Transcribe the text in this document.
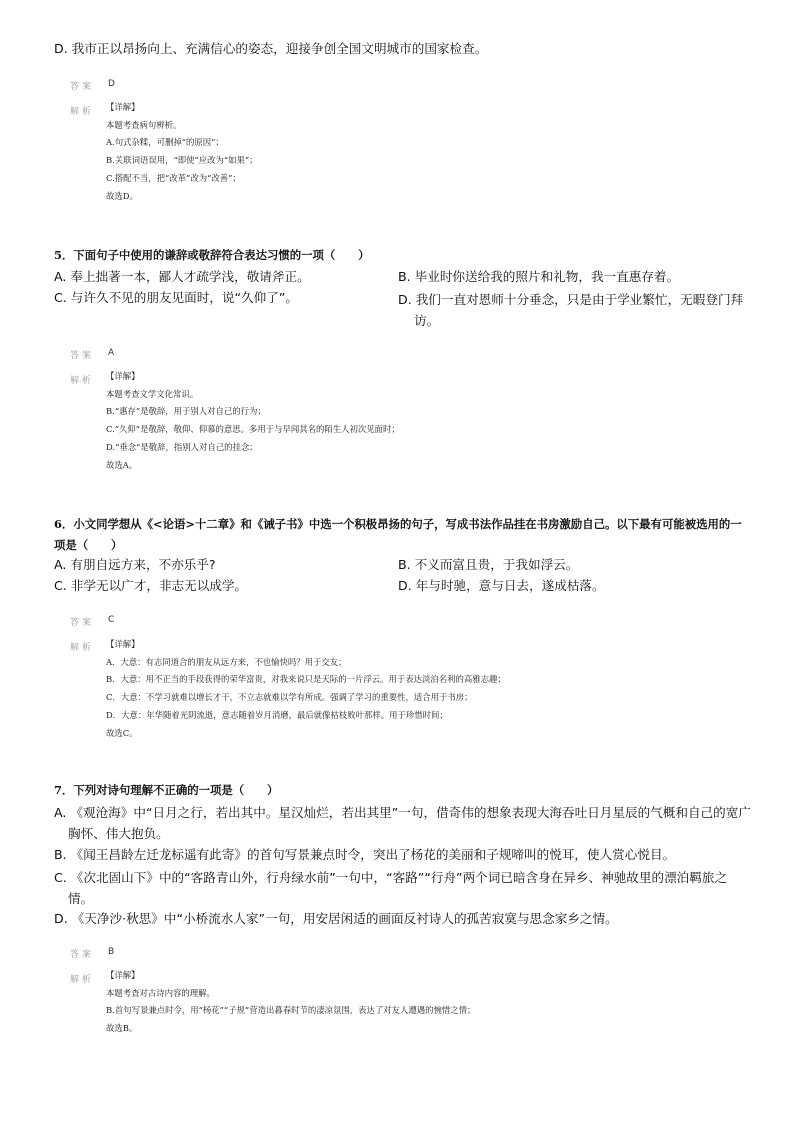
D. 我市正以昂扬向上、充满信心的姿态，迎接争创全国文明城市的国家检查。
答案 D
解析 【详解】
本题考查病句辨析。
A.句式杂糅，可删掉“的原因”；
B.关联词语误用，“即使”应改为“如果”；
C.搭配不当，把“改革”改为“改善”；
故选D。
5．下面句子中使用的谦辞或敬辞符合表达习惯的一项（　　）
A. 奉上拙著一本，鄙人才疏学浅，敬请斧正。	B. 毕业时你送给我的照片和礼物，我一直惠存着。
C. 与许久不见的朋友见面时，说“久仰了”。	D. 我们一直对恩师十分垂念，只是由于学业繁忙，无暇登门拜访。
答案 A
解析 【详解】
本题考查文学文化常识。
B.“惠存”是敬辞，用于别人对自己的行为；
C.“久仰”是敬辞，敬仰、仰慕的意思。多用于与早闻其名的陌生人初次见面时；
D.“垂念”是敬辞，指别人对自己的挂念；
故选A。
6．小文同学想从《<论语>十二章》和《诫子书》中选一个积极昂扬的句子，写成书法作品挂在书房激励自己。以下最有可能被选用的一项是（　　）
A. 有朋自远方来，不亦乐乎?	B. 不义而富且贵，于我如浮云。
C. 非学无以广才，非志无以成学。	D. 年与时驰，意与日去，遂成枯落。
答案 C
解析 【详解】
A．大意：有志同道合的朋友从远方来，不也愉快吗？用于交友；
B．大意：用不正当的手段获得的荣华富贵，对我来说只是天际的一片浮云。用于表达淡泊名利的高雅志趣；
C．大意：不学习就难以增长才干，不立志就难以学有所成。强调了学习的重要性，适合用于书房；
D．大意：年华随着光阴流逝，意志随着岁月消磨，最后就像枯枝败叶那样。用于珍惜时间；
故选C。
7．下列对诗句理解不正确的一项是（　　）
A. 《观沧海》中“日月之行，若出其中。星汉灿烂，若出其里”一句，借奇伟的想象表现大海吞吐日月星辰的气概和自己的宽广胸怀、伟大抱负。
B. 《闻王昌龄左迁龙标遥有此寄》的首句写景兼点时令，突出了杨花的美丽和子规啼叫的悦耳，使人赏心悦目。
C. 《次北固山下》中的“客路青山外，行舟绿水前”一句中，“客路”“行舟”两个词已暗含身在异乡、神驰故里的漂泊羁旅之情。
D. 《天净沙·秋思》中“小桥流水人家”一句，用安居闲适的画面反衬诗人的孤苦寂寞与思念家乡之情。
答案 B
解析 【详解】
本题考查对古诗内容的理解。
B.首句写景兼点时令，用“杨花”“子规”营造出暮春时节的凄凉氛围，表达了对友人遭遇的惋惜之情；
故选B。
